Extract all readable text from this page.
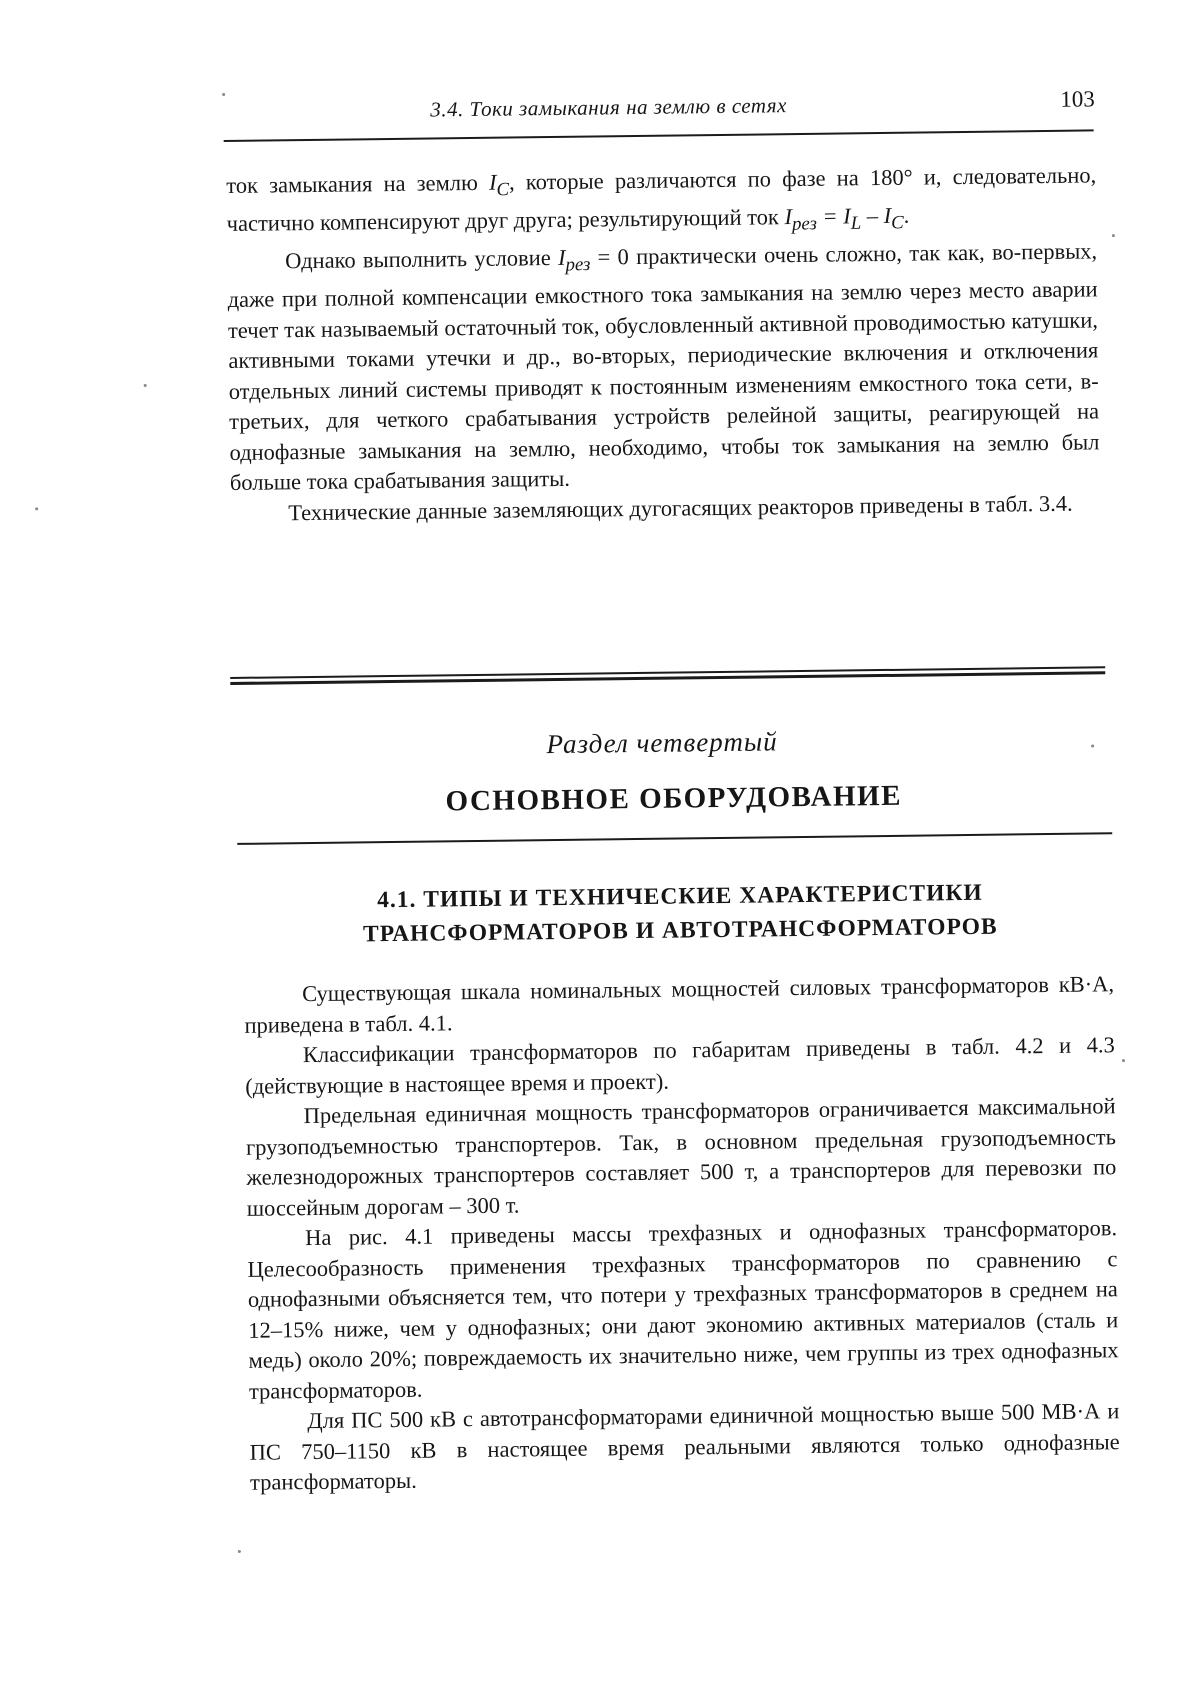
3.4. Токи замыкания на землю в сетях	103

ток замыкания на землю $I_C$, которые различаются по фазе на 180° и, следовательно, частично компенсируют друг друга; результирующий ток $I_{рез} = I_L - I_C$.

Однако выполнить условие $I_{рез} = 0$ практически очень сложно, так как, во-первых, даже при полной компенсации емкостного тока замыкания на землю через место аварии течет так называемый остаточный ток, обусловленный активной проводимостью катушки, активными токами утечки и др., во-вторых, периодические включения и отключения отдельных линий системы приводят к постоянным изменениям емкостного тока сети, в-третьих, для четкого срабатывания устройств релейной защиты, реагирующей на однофазные замыкания на землю, необходимо, чтобы ток замыкания на землю был больше тока срабатывания защиты.

Технические данные заземляющих дугогасящих реакторов приведены в табл. 3.4.

Раздел четвертый
ОСНОВНОЕ ОБОРУДОВАНИЕ
4.1. ТИПЫ И ТЕХНИЧЕСКИЕ ХАРАКТЕРИСТИКИ
ТРАНСФОРМАТОРОВ И АВТОТРАНСФОРМАТОРОВ

Существующая шкала номинальных мощностей силовых трансформаторов кВ·А, приведена в табл. 4.1.

Классификации трансформаторов по габаритам приведены в табл. 4.2 и 4.3 (действующие в настоящее время и проект).

Предельная единичная мощность трансформаторов ограничивается максимальной грузоподъемностью транспортеров. Так, в основном предельная грузоподъемность железнодорожных транспортеров составляет 500 т, а транспортеров для перевозки по шоссейным дорогам – 300 т.

На рис. 4.1 приведены массы трехфазных и однофазных трансформаторов. Целесообразность применения трехфазных трансформаторов по сравнению с однофазными объясняется тем, что потери у трехфазных трансформаторов в среднем на 12–15% ниже, чем у однофазных; они дают экономию активных материалов (сталь и медь) около 20%; повреждаемость их значительно ниже, чем группы из трех однофазных трансформаторов.

Для ПС 500 кВ с автотрансформаторами единичной мощностью выше 500 МВ·А и ПС 750–1150 кВ в настоящее время реальными являются только однофазные трансформаторы.
